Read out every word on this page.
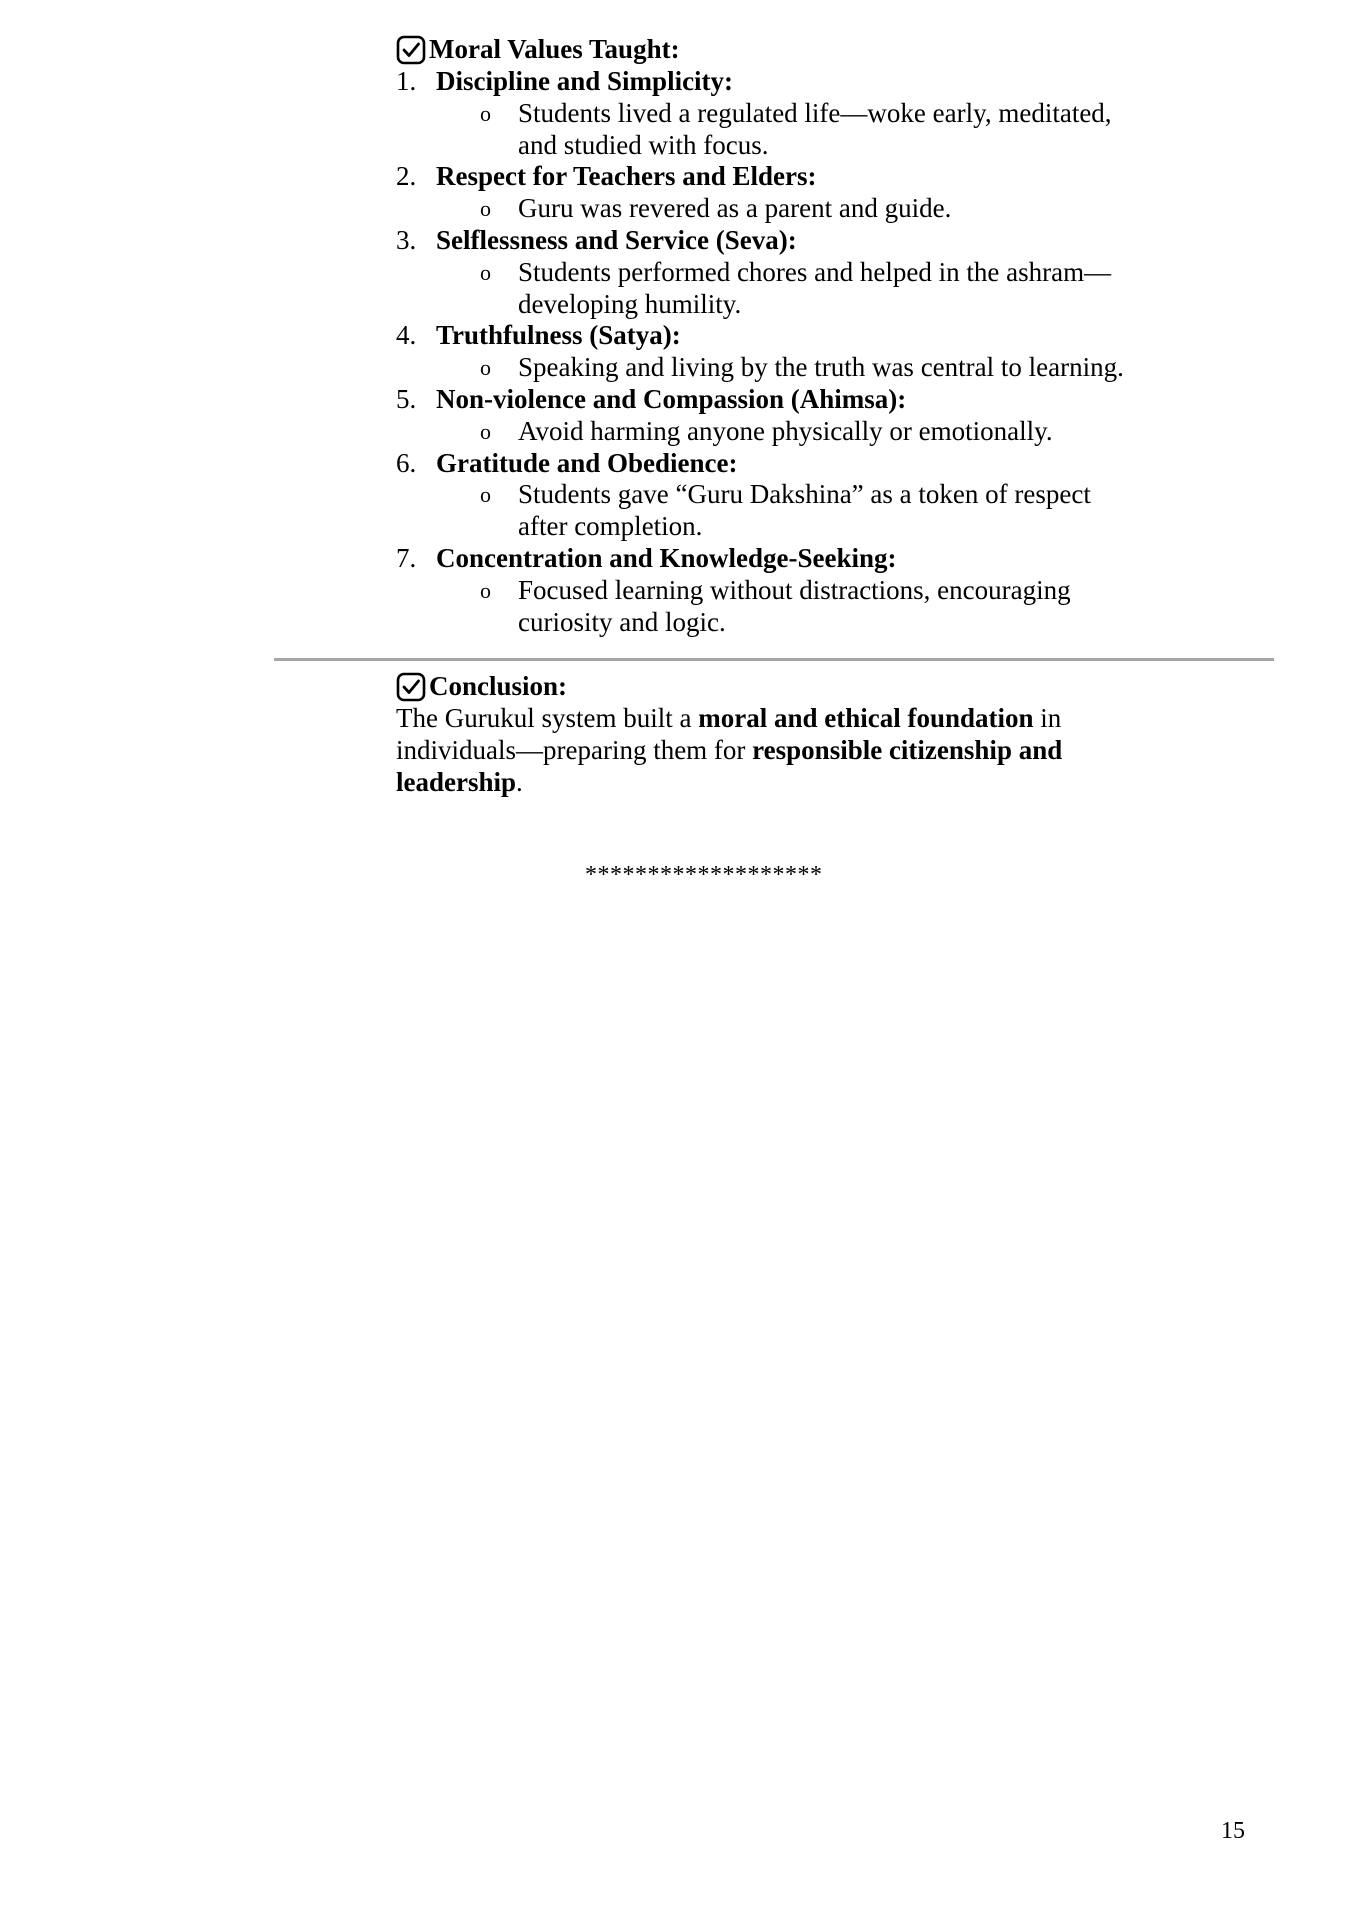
Moral Values Taught:
1. Discipline and Simplicity:
o	Students lived a regulated life—woke early, meditated,
and studied with focus.
2. Respect for Teachers and Elders:
o	Guru was revered as a parent and guide.
3. Selflessness and Service (Seva):
o	Students performed chores and helped in the ashram—
developing humility.
4. Truthfulness (Satya):
o	Speaking and living by the truth was central to learning.
5. Non-violence and Compassion (Ahimsa):
o	Avoid harming anyone physically or emotionally.
6. Gratitude and Obedience:
o	Students gave “Guru Dakshina” as a token of respect
after completion.
7. Concentration and Knowledge-Seeking:
o	Focused learning without distractions, encouraging
curiosity and logic.
Conclusion:
The Gurukul system built a moral and ethical foundation in
individuals—preparing them for responsible citizenship and
leadership.
*******************
15
